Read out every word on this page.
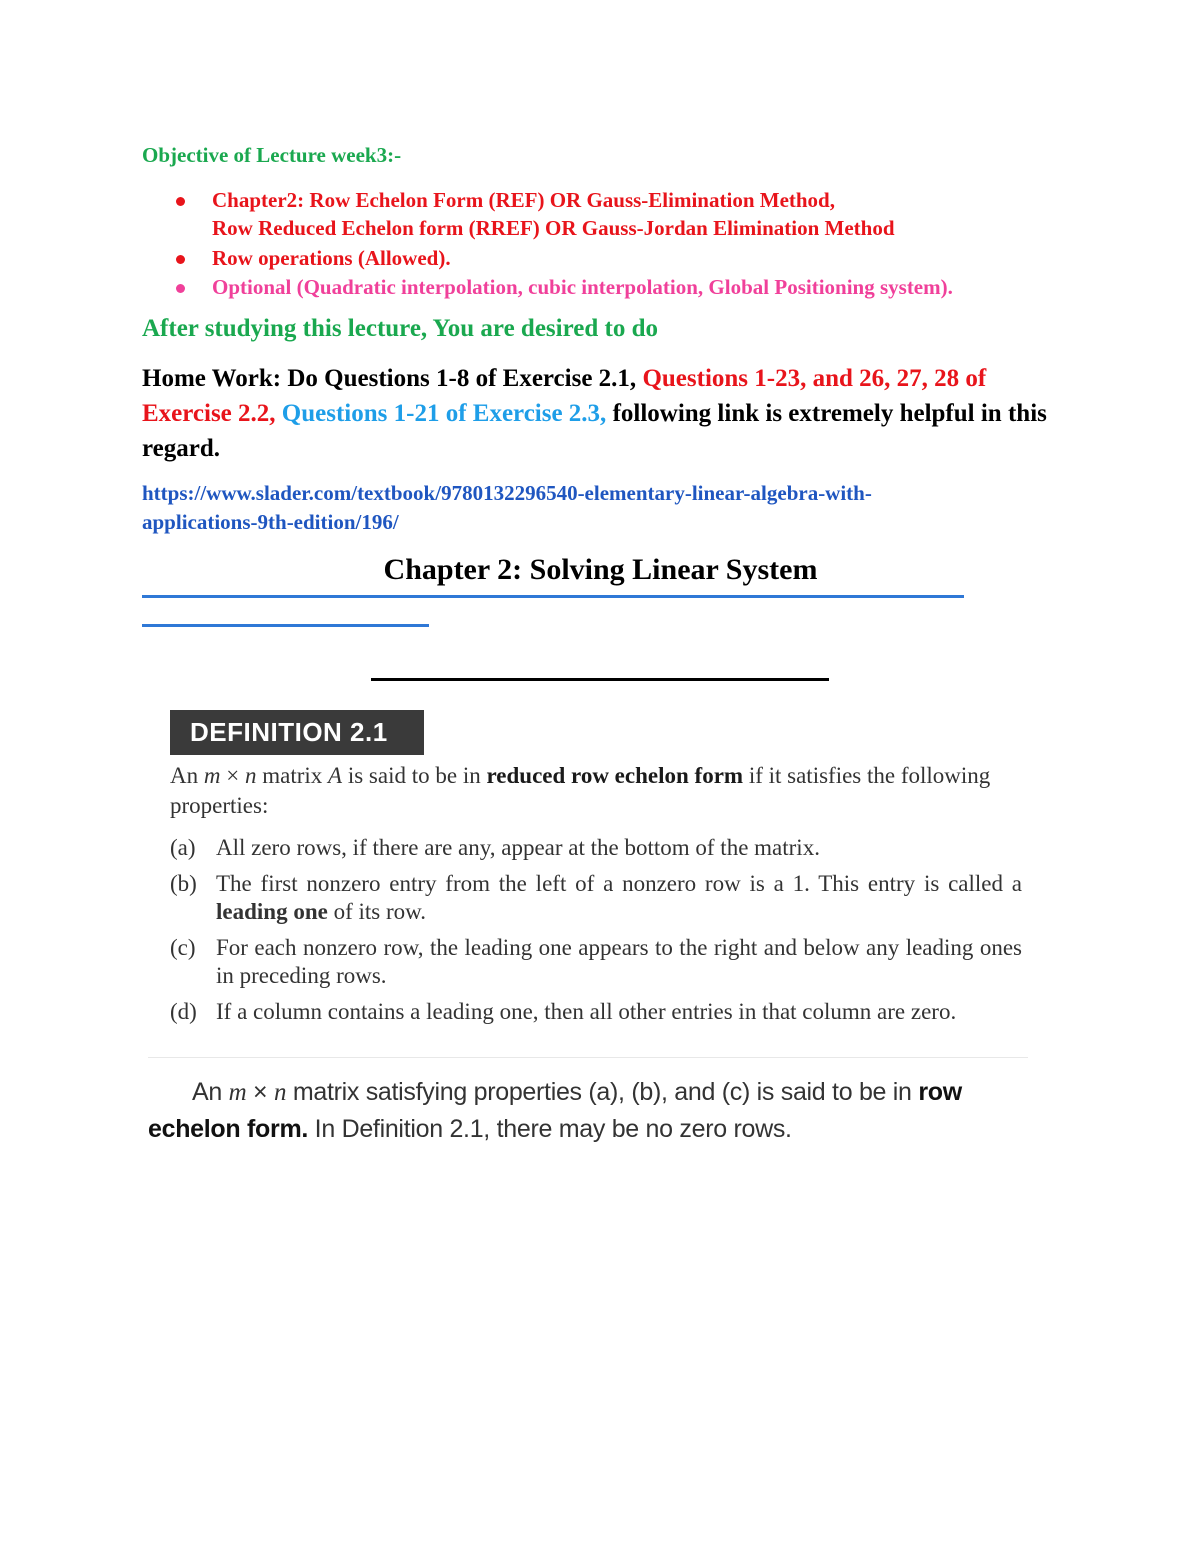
Objective of Lecture week3:-
Chapter2: Row Echelon Form (REF) OR Gauss-Elimination Method,
Row Reduced Echelon form (RREF) OR Gauss-Jordan Elimination Method
Row operations (Allowed).
Optional (Quadratic interpolation, cubic interpolation, Global Positioning system).
After studying this lecture, You are desired to do
Home Work: Do Questions 1-8 of Exercise 2.1, Questions 1-23, and 26, 27, 28 of Exercise 2.2, Questions 1-21 of Exercise 2.3, following link is extremely helpful in this regard.
https://www.slader.com/textbook/9780132296540-elementary-linear-algebra-with-
applications-9th-edition/196/
Chapter 2: Solving Linear System
DEFINITION 2.1
An m × n matrix A is said to be in reduced row echelon form if it satisfies the following properties:
(a) All zero rows, if there are any, appear at the bottom of the matrix.
(b) The first nonzero entry from the left of a nonzero row is a 1. This entry is called a leading one of its row.
(c) For each nonzero row, the leading one appears to the right and below any leading ones in preceding rows.
(d) If a column contains a leading one, then all other entries in that column are zero.
An m × n matrix satisfying properties (a), (b), and (c) is said to be in row echelon form. In Definition 2.1, there may be no zero rows.
